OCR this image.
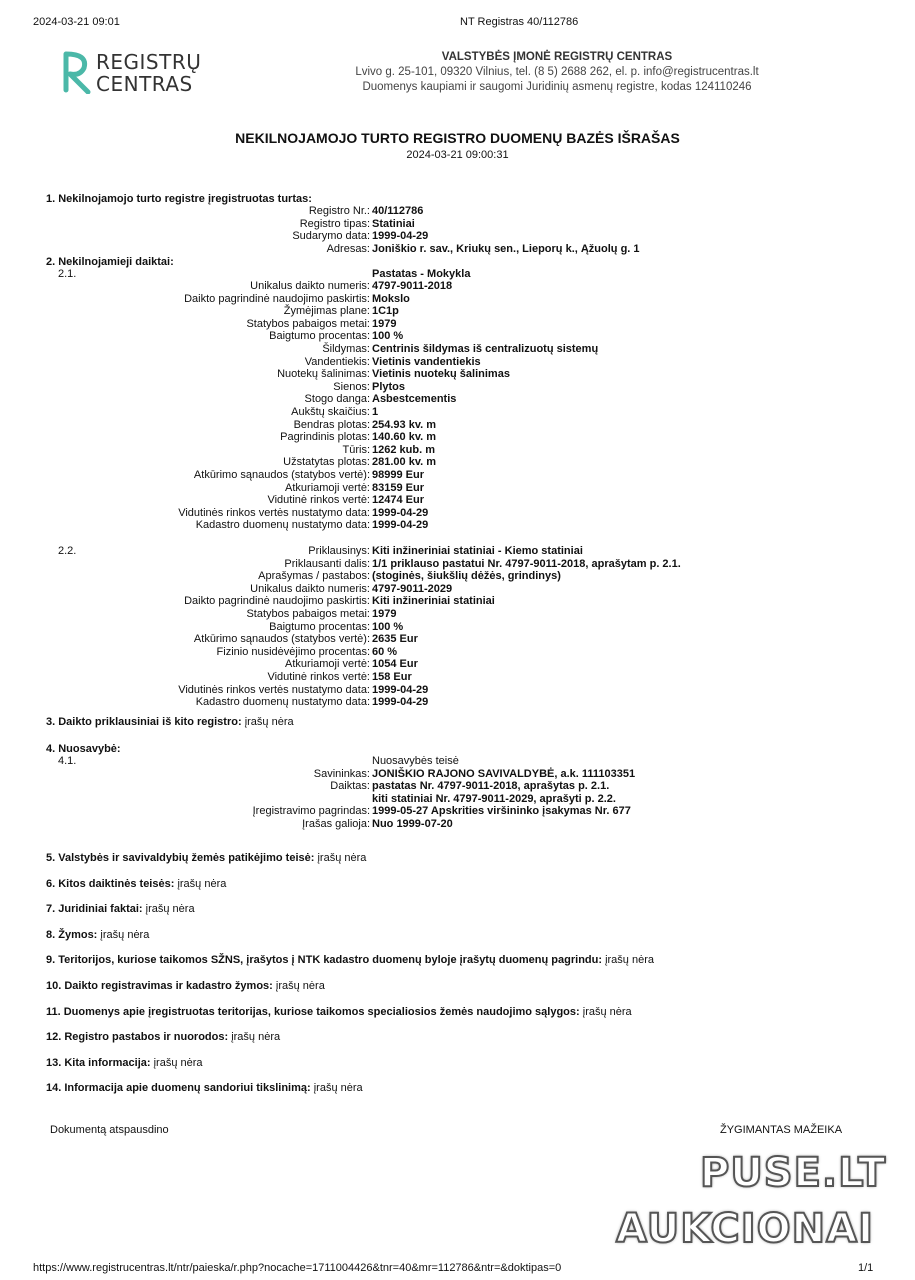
2024-03-21 09:01	NT Registras 40/112786
REGISTRŲ
CENTRAS
VALSTYBĖS ĮMONĖ REGISTRŲ CENTRAS
Lvivo g. 25-101, 09320 Vilnius, tel. (8 5) 2688 262, el. p. info@registrucentras.lt
Duomenys kaupiami ir saugomi Juridinių asmenų registre, kodas 124110246
NEKILNOJAMOJO TURTO REGISTRO DUOMENŲ BAZĖS IŠRAŠAS
2024-03-21 09:00:31
1. Nekilnojamojo turto registre įregistruotas turtas:
Registro Nr.: 40/112786
Registro tipas: Statiniai
Sudarymo data: 1999-04-29
Adresas: Joniškio r. sav., Kriukų sen., Lieporų k., Ąžuolų g. 1
2. Nekilnojamieji daiktai:
2.1.	Pastatas - Mokykla
Unikalus daikto numeris: 4797-9011-2018
Daikto pagrindinė naudojimo paskirtis: Mokslo
Žymėjimas plane: 1C1p
Statybos pabaigos metai: 1979
Baigtumo procentas: 100 %
Šildymas: Centrinis šildymas iš centralizuotų sistemų
Vandentiekis: Vietinis vandentiekis
Nuotekų šalinimas: Vietinis nuotekų šalinimas
Sienos: Plytos
Stogo danga: Asbestcementis
Aukštų skaičius: 1
Bendras plotas: 254.93 kv. m
Pagrindinis plotas: 140.60 kv. m
Tūris: 1262 kub. m
Užstatytas plotas: 281.00 kv. m
Atkūrimo sąnaudos (statybos vertė): 98999 Eur
Atkuriamoji vertė: 83159 Eur
Vidutinė rinkos vertė: 12474 Eur
Vidutinės rinkos vertės nustatymo data: 1999-04-29
Kadastro duomenų nustatymo data: 1999-04-29
2.2.	Priklausinys: Kiti inžineriniai statiniai - Kiemo statiniai
Priklausanti dalis: 1/1 priklauso pastatui Nr. 4797-9011-2018, aprašytam p. 2.1.
Aprašymas / pastabos: (stoginės, šiukšlių dėžės, grindinys)
Unikalus daikto numeris: 4797-9011-2029
Daikto pagrindinė naudojimo paskirtis: Kiti inžineriniai statiniai
Statybos pabaigos metai: 1979
Baigtumo procentas: 100 %
Atkūrimo sąnaudos (statybos vertė): 2635 Eur
Fizinio nusidėvėjimo procentas: 60 %
Atkuriamoji vertė: 1054 Eur
Vidutinė rinkos vertė: 158 Eur
Vidutinės rinkos vertės nustatymo data: 1999-04-29
Kadastro duomenų nustatymo data: 1999-04-29
3. Daikto priklausiniai iš kito registro: įrašų nėra
4. Nuosavybė:
4.1.	Nuosavybės teisė
Savininkas: JONIŠKIO RAJONO SAVIVALDYBĖ, a.k. 111103351
Daiktas: pastatas Nr. 4797-9011-2018, aprašytas p. 2.1.
kiti statiniai Nr. 4797-9011-2029, aprašyti p. 2.2.
Įregistravimo pagrindas: 1999-05-27 Apskrities viršininko įsakymas Nr. 677
Įrašas galioja: Nuo 1999-07-20
5. Valstybės ir savivaldybių žemės patikėjimo teisė: įrašų nėra
6. Kitos daiktinės teisės: įrašų nėra
7. Juridiniai faktai: įrašų nėra
8. Žymos: įrašų nėra
9. Teritorijos, kuriose taikomos SŽNS, įrašytos į NTK kadastro duomenų byloje įrašytų duomenų pagrindu: įrašų nėra
10. Daikto registravimas ir kadastro žymos: įrašų nėra
11. Duomenys apie įregistruotas teritorijas, kuriose taikomos specialiosios žemės naudojimo sąlygos: įrašų nėra
12. Registro pastabos ir nuorodos: įrašų nėra
13. Kita informacija: įrašų nėra
14. Informacija apie duomenų sandoriui tikslinimą: įrašų nėra
Dokumentą atspausdino	ŽYGIMANTAS MAŽEIKA
PUSE.LT
AUKCIONAI
https://www.registrucentras.lt/ntr/paieska/r.php?nocache=1711004426&tnr=40&mr=112786&ntr=&doktipas=0	1/1
